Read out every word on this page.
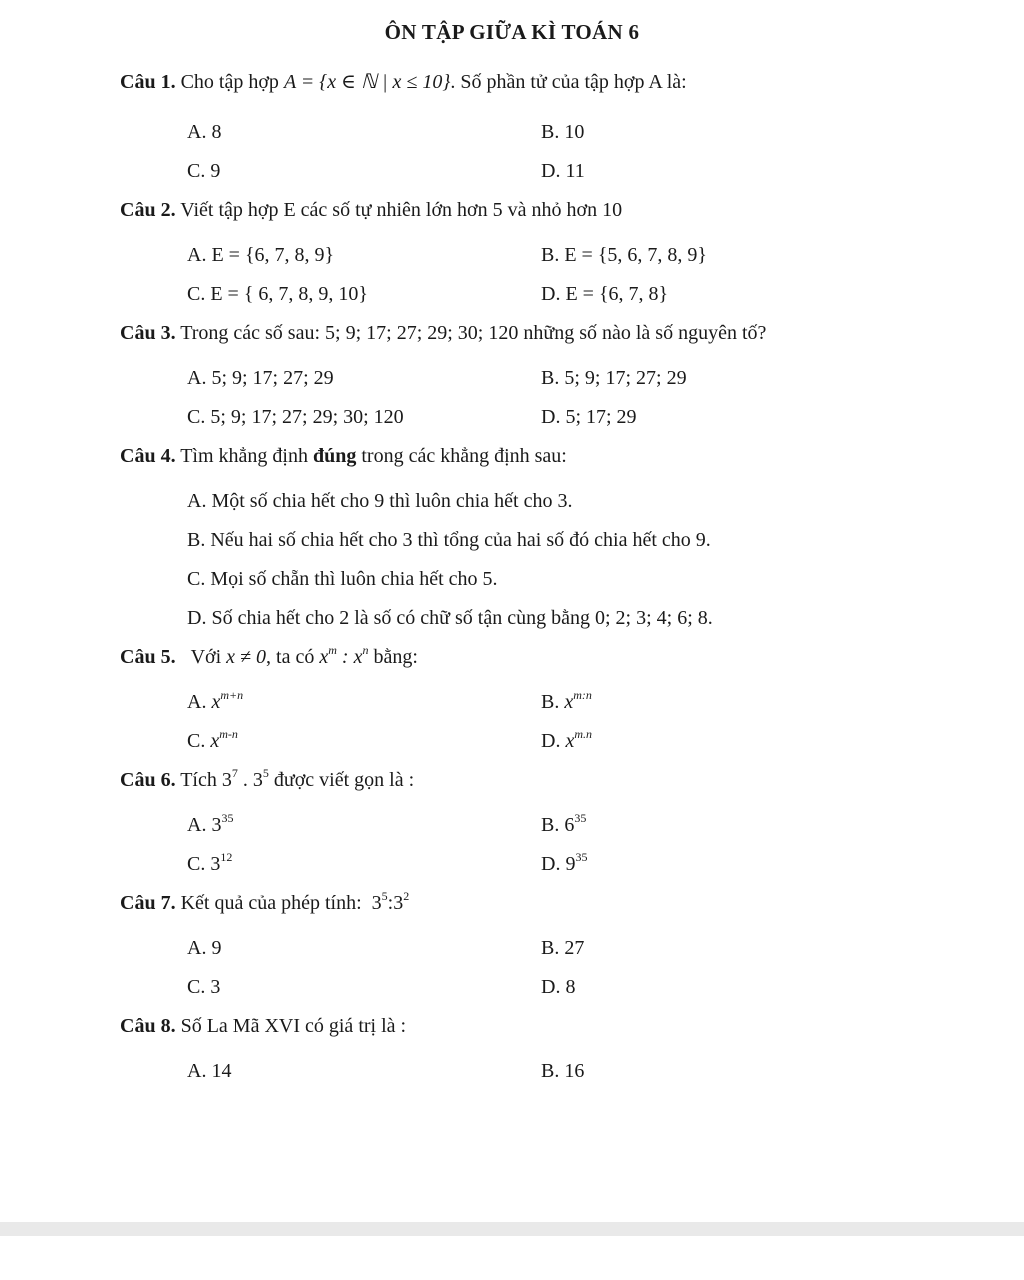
ÔN TẬP GIỮA KÌ TOÁN 6
Câu 1. Cho tập hợp A = {x ∈ ℕ | x ≤ 10}. Số phần tử của tập hợp A là:
A. 8	B. 10
C. 9	D. 11
Câu 2. Viết tập hợp E các số tự nhiên lớn hơn 5 và nhỏ hơn 10
A. E = {6, 7, 8, 9}	B. E = {5, 6, 7, 8, 9}
C. E = { 6, 7, 8, 9, 10}	D. E = {6, 7, 8}
Câu 3. Trong các số sau: 5; 9; 17; 27; 29; 30; 120 những số nào là số nguyên tố?
A. 5; 9; 17; 27; 29	B. 5; 9; 17; 27; 29
C. 5; 9; 17; 27; 29; 30; 120	D. 5; 17; 29
Câu 4. Tìm khẳng định đúng trong các khẳng định sau:
A. Một số chia hết cho 9 thì luôn chia hết cho 3.
B. Nếu hai số chia hết cho 3 thì tổng của hai số đó chia hết cho 9.
C. Mọi số chẵn thì luôn chia hết cho 5.
D. Số chia hết cho 2 là số có chữ số tận cùng bằng 0; 2; 3; 4; 6; 8.
Câu 5. Với x ≠ 0, ta có $x^m$ : $x^n$ bằng:
A. $x^{m+n}$	B. $x^{m:n}$
C. $x^{m-n}$	D. $x^{m.n}$
Câu 6. Tích $3^7$ . $3^5$ được viết gọn là :
A. $3^{35}$	B. $6^{35}$
C. $3^{12}$	D. $9^{35}$
Câu 7. Kết quả của phép tính: $3^5:3^2$
A. 9	B. 27
C. 3	D. 8
Câu 8. Số La Mã XVI có giá trị là :
A. 14	B. 16
